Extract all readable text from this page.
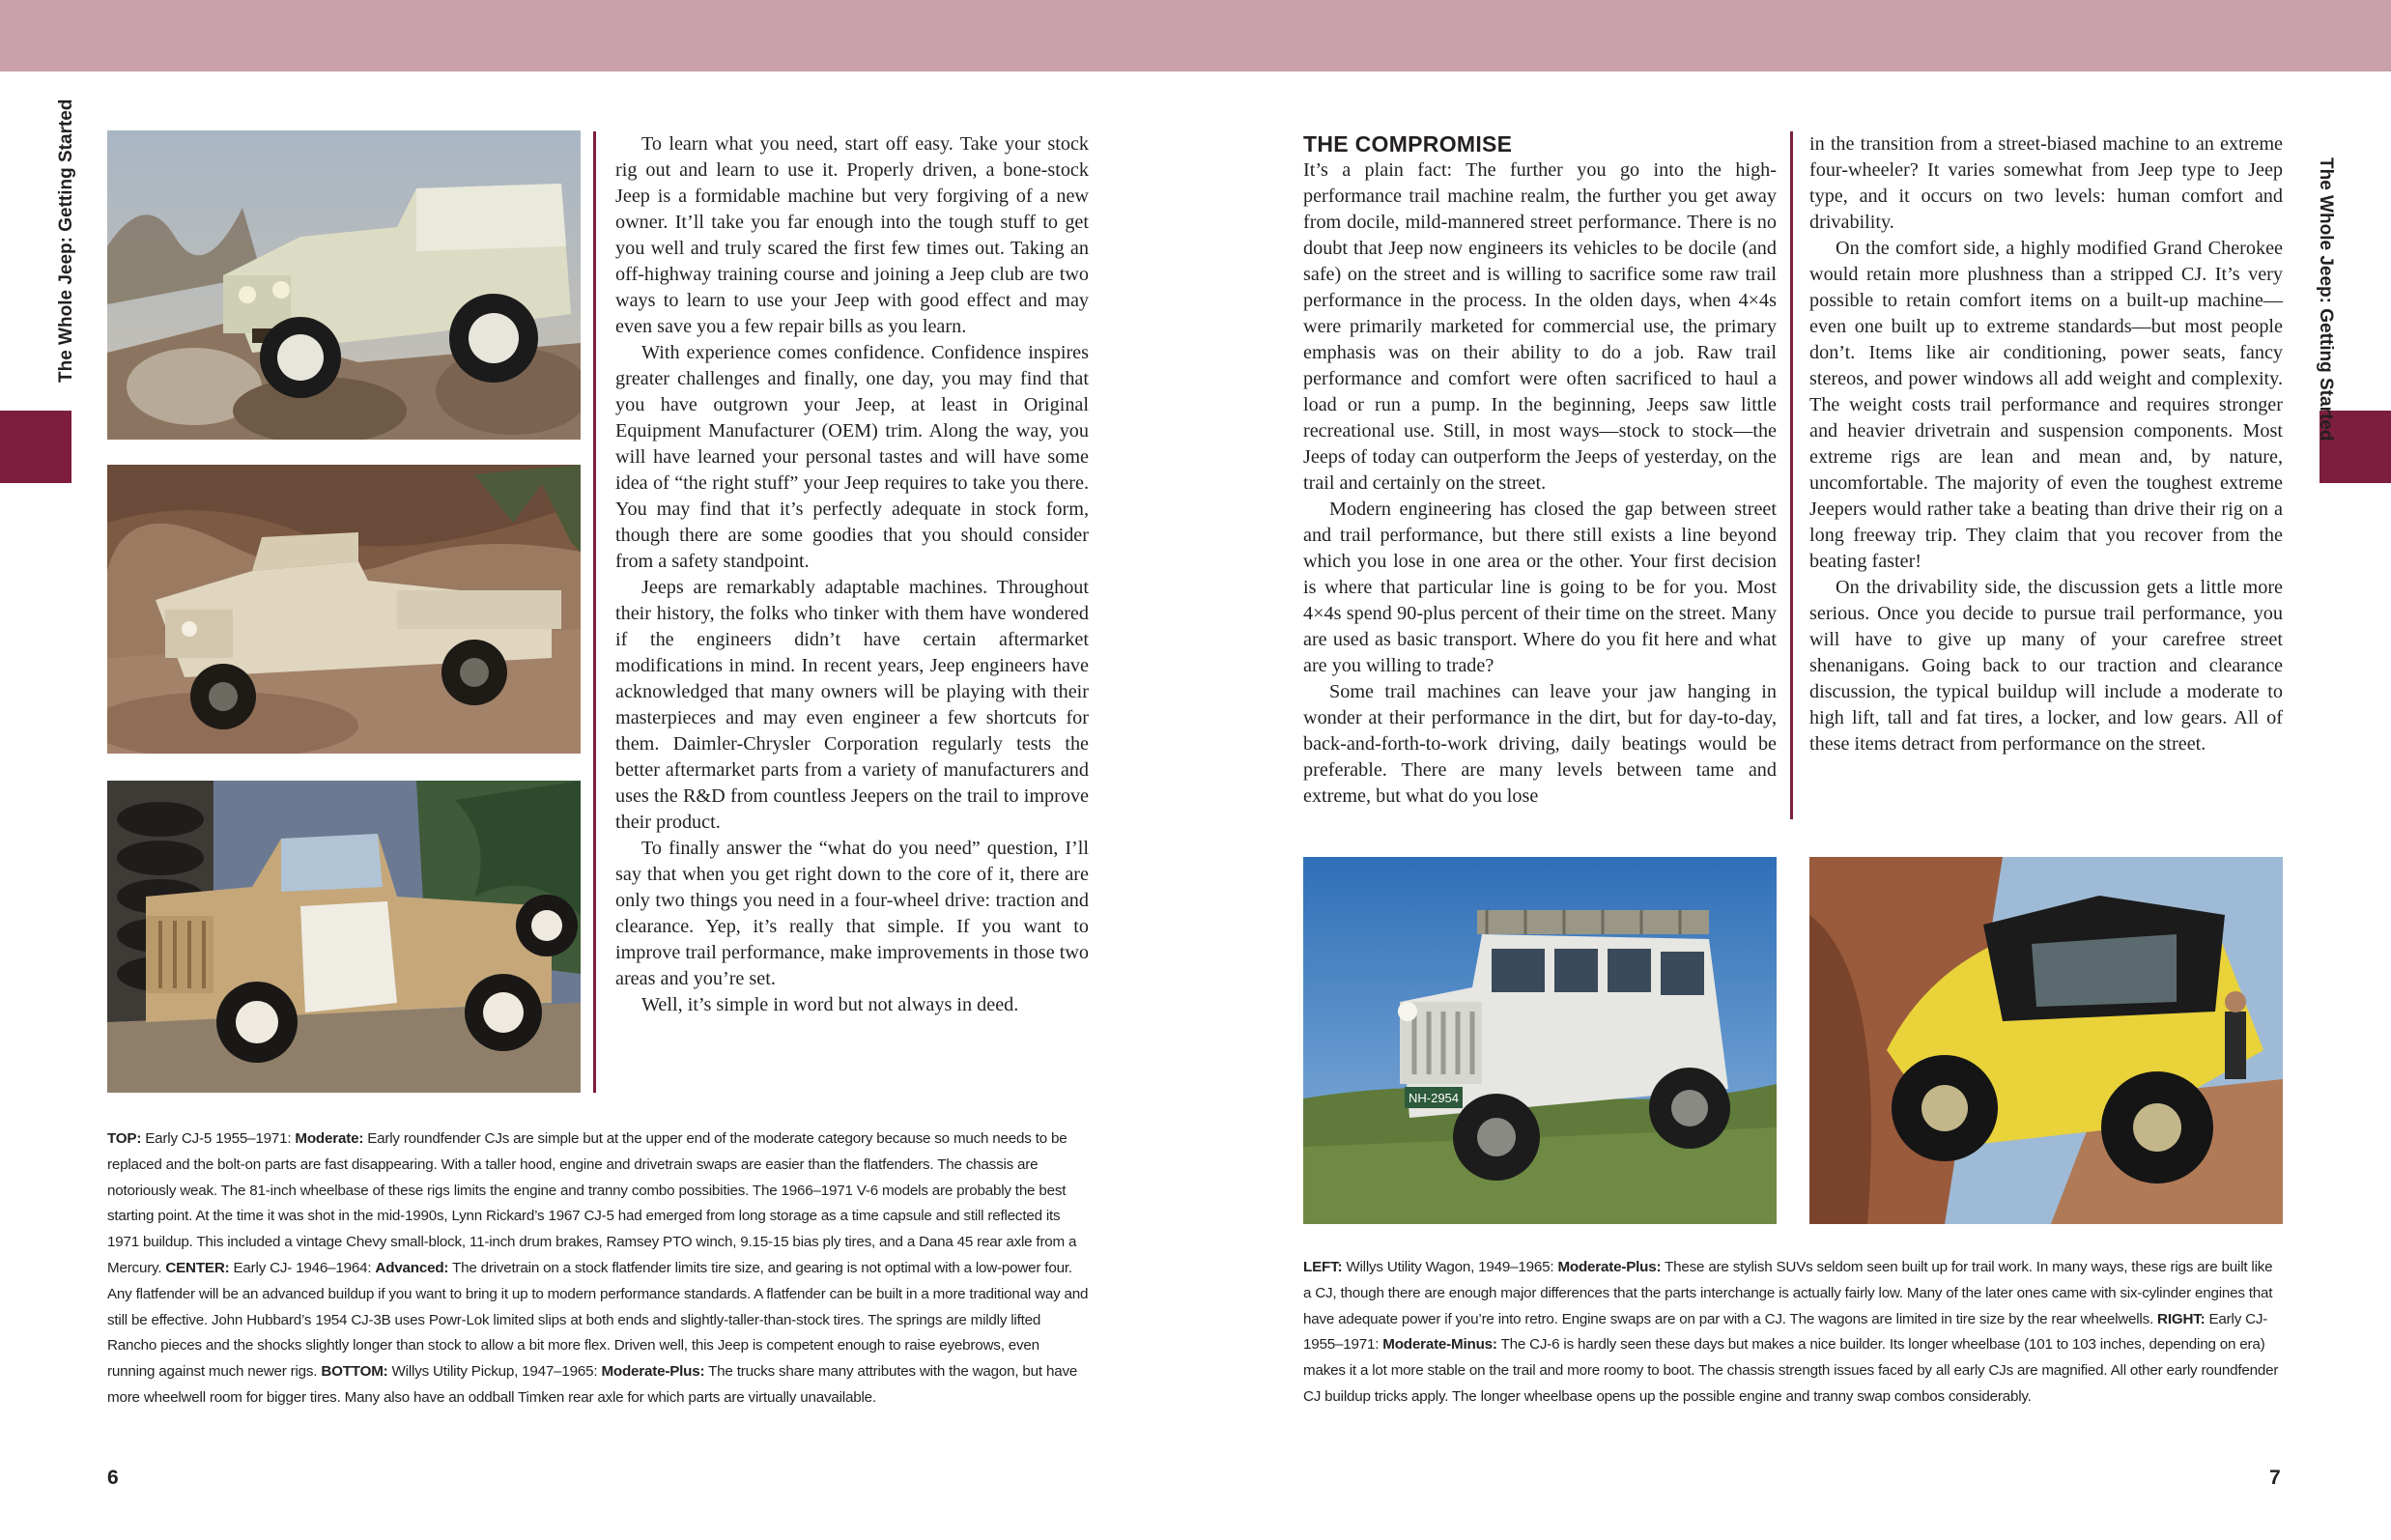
The Whole Jeep: Getting Started	The Whole Jeep: Getting Started

To learn what you need, start off easy. Take your stock rig out and learn to use it. Properly driven, a bone-stock Jeep is a formidable machine but very forgiving of a new owner. It’ll take you far enough into the tough stuff to get you well and truly scared the first few times out. Taking an off-highway training course and joining a Jeep club are two ways to learn to use your Jeep with good effect and may even save you a few repair bills as you learn.

With experience comes confidence. Confidence inspires greater challenges and finally, one day, you may find that you have outgrown your Jeep, at least in Original Equipment Manufacturer (OEM) trim. Along the way, you will have learned your personal tastes and will have some idea of “the right stuff” your Jeep requires to take you there. You may find that it’s perfectly adequate in stock form, though there are some goodies that you should consider from a safety standpoint.

Jeeps are remarkably adaptable machines. Throughout their history, the folks who tinker with them have wondered if the engineers didn’t have certain aftermarket modifications in mind. In recent years, Jeep engineers have acknowledged that many owners will be playing with their masterpieces and may even engineer a few shortcuts for them. Daimler-Chrysler Corporation regularly tests the better aftermarket parts from a variety of manufacturers and uses the R&D from countless Jeepers on the trail to improve their product.

To finally answer the “what do you need” question, I’ll say that when you get right down to the core of it, there are only two things you need in a four-wheel drive: traction and clearance. Yep, it’s really that simple. If you want to improve trail performance, make improvements in those two areas and you’re set.

Well, it’s simple in word but not always in deed.

TOP: Early CJ-5 1955–1971: Moderate: Early roundfender CJs are simple but at the upper end of the moderate category because so much needs to be replaced and the bolt-on parts are fast disappearing. With a taller hood, engine and drivetrain swaps are easier than the flatfenders. The chassis are notoriously weak. The 81-inch wheelbase of these rigs limits the engine and tranny combo possibities. The 1966–1971 V-6 models are probably the best starting point. At the time it was shot in the mid-1990s, Lynn Rickard’s 1967 CJ-5 had emerged from long storage as a time capsule and still reflected its 1971 buildup. This included a vintage Chevy small-block, 11-inch drum brakes, Ramsey PTO winch, 9.15-15 bias ply tires, and a Dana 45 rear axle from a Mercury. CENTER: Early CJ- 1946–1964: Advanced: The drivetrain on a stock flatfender limits tire size, and gearing is not optimal with a low-power four. Any flatfender will be an advanced buildup if you want to bring it up to modern performance standards. A flatfender can be built in a more traditional way and still be effective. John Hubbard’s 1954 CJ-3B uses Powr-Lok limited slips at both ends and slightly-taller-than-stock tires. The springs are mildly lifted Rancho pieces and the shocks slightly longer than stock to allow a bit more flex. Driven well, this Jeep is competent enough to raise eyebrows, even running against much newer rigs. BOTTOM: Willys Utility Pickup, 1947–1965: Moderate-Plus: The trucks share many attributes with the wagon, but have more wheelwell room for bigger tires. Many also have an oddball Timken rear axle for which parts are virtually unavailable.
6
THE COMPROMISE

It’s a plain fact: The further you go into the high-performance trail machine realm, the further you get away from docile, mild-mannered street performance. There is no doubt that Jeep now engineers its vehicles to be docile (and safe) on the street and is willing to sacrifice some raw trail performance in the process. In the olden days, when 4×4s were primarily marketed for commercial use, the primary emphasis was on their ability to do a job. Raw trail performance and comfort were often sacrificed to haul a load or run a pump. In the beginning, Jeeps saw little recreational use. Still, in most ways—stock to stock—the Jeeps of today can outperform the Jeeps of yesterday, on the trail and certainly on the street.

Modern engineering has closed the gap between street and trail performance, but there still exists a line beyond which you lose in one area or the other. Your first decision is where that particular line is going to be for you. Most 4×4s spend 90-plus percent of their time on the street. Many are used as basic transport. Where do you fit here and what are you willing to trade?

Some trail machines can leave your jaw hanging in wonder at their performance in the dirt, but for day-to-day, back-and-forth-to-work driving, daily beatings would be preferable. There are many levels between tame and extreme, but what do you lose

in the transition from a street-biased machine to an extreme four-wheeler? It varies somewhat from Jeep type to Jeep type, and it occurs on two levels: human comfort and drivability.

On the comfort side, a highly modified Grand Cherokee would retain more plushness than a stripped CJ. It’s very possible to retain comfort items on a built-up machine—even one built up to extreme standards—but most people don’t. Items like air conditioning, power seats, fancy stereos, and power windows all add weight and complexity. The weight costs trail performance and requires stronger and heavier drivetrain and suspension components. Most extreme rigs are lean and mean and, by nature, uncomfortable. The majority of even the toughest extreme Jeepers would rather take a beating than drive their rig on a long freeway trip. They claim that you recover from the beating faster!

On the drivability side, the discussion gets a little more serious. Once you decide to pursue trail performance, you will have to give up many of your carefree street shenanigans. Going back to our traction and clearance discussion, the typical buildup will include a moderate to high lift, tall and fat tires, a locker, and low gears. All of these items detract from performance on the street.

NH-2954
LEFT: Willys Utility Wagon, 1949–1965: Moderate-Plus: These are stylish SUVs seldom seen built up for trail work. In many ways, these rigs are built like a CJ, though there are enough major differences that the parts interchange is actually fairly low. Many of the later ones came with six-cylinder engines that have adequate power if you’re into retro. Engine swaps are on par with a CJ. The wagons are limited in tire size by the rear wheelwells. RIGHT: Early CJ- 1955–1971: Moderate-Minus: The CJ-6 is hardly seen these days but makes a nice builder. Its longer wheelbase (101 to 103 inches, depending on era) makes it a lot more stable on the trail and more roomy to boot. The chassis strength issues faced by all early CJs are magnified. All other early roundfender CJ buildup tricks apply. The longer wheelbase opens up the possible engine and tranny swap combos considerably.
7
